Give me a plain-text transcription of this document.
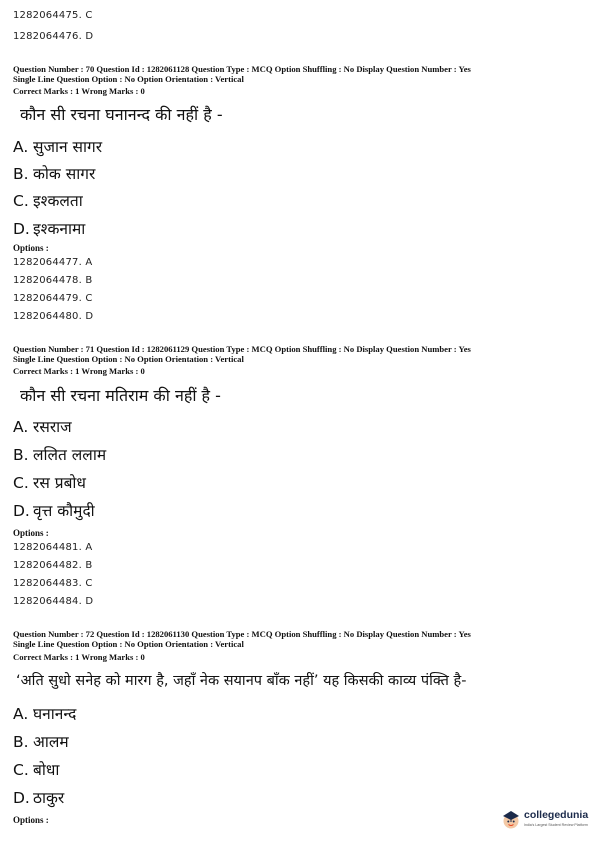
1282064475. C
1282064476. D
Question Number : 70 Question Id : 1282061128 Question Type : MCQ Option Shuffling : No Display Question Number : Yes
Single Line Question Option : No Option Orientation : Vertical
Correct Marks : 1 Wrong Marks : 0
कौन सी रचना घनानन्द की नहीं है -
A. सुजान सागर
B. कोक सागर
C. इश्कलता
D. इश्कनामा
Options :
1282064477. A
1282064478. B
1282064479. C
1282064480. D
Question Number : 71 Question Id : 1282061129 Question Type : MCQ Option Shuffling : No Display Question Number : Yes
Single Line Question Option : No Option Orientation : Vertical
Correct Marks : 1 Wrong Marks : 0
कौन सी रचना मतिराम की नहीं है -
A. रसराज
B. ललित ललाम
C. रस प्रबोध
D. वृत्त कौमुदी
Options :
1282064481. A
1282064482. B
1282064483. C
1282064484. D
Question Number : 72 Question Id : 1282061130 Question Type : MCQ Option Shuffling : No Display Question Number : Yes
Single Line Question Option : No Option Orientation : Vertical
Correct Marks : 1 Wrong Marks : 0
‘अति सुधो सनेह को मारग है, जहाँ नेक सयानप बाँक नहीं’ यह किसकी काव्य पंक्ति है-
A. घनानन्द
B. आलम
C. बोधा
D. ठाकुर
Options :	collegedunia
India's Largest Student Review Platform
